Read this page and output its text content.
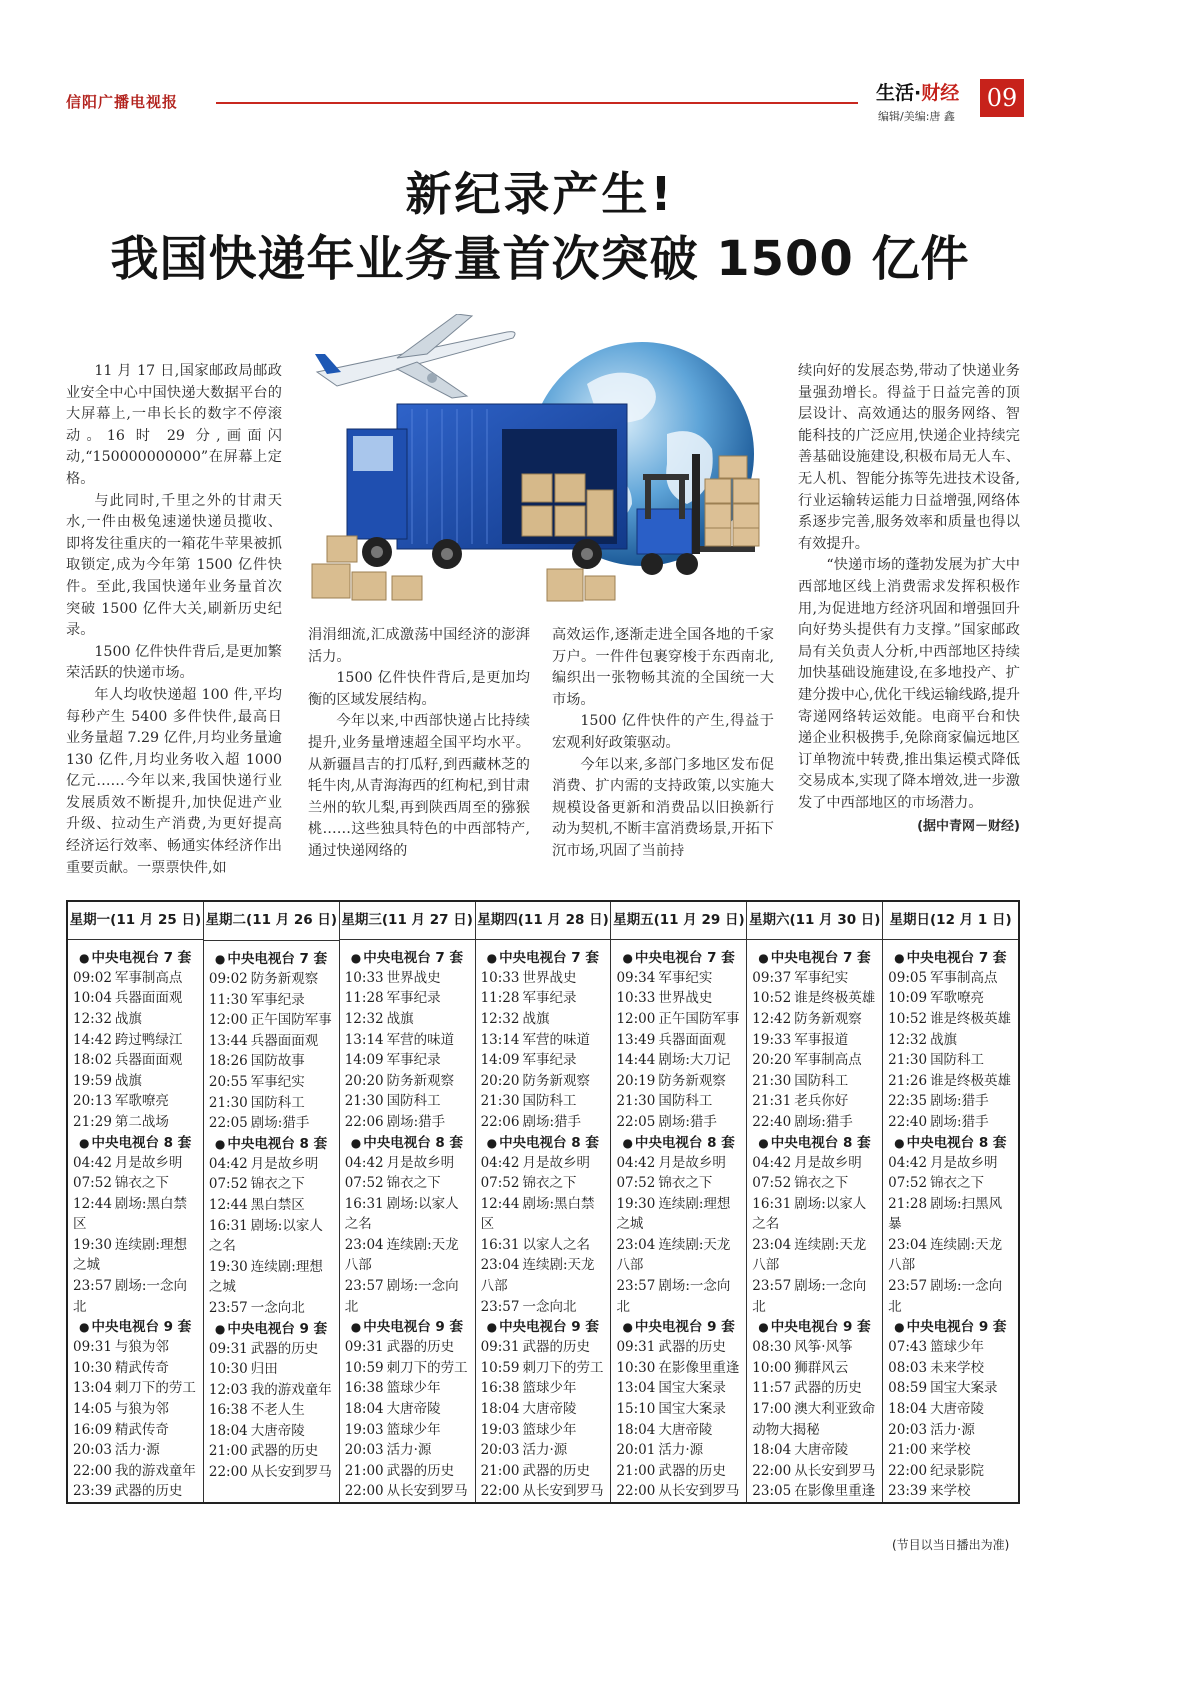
信阳广播电视报	生活·财经
编辑/美编:唐 鑫
09
新纪录产生!
我国快递年业务量首次突破 1500 亿件

11 月 17 日,国家邮政局邮政业安全中心中国快递大数据平台的大屏幕上,一串长长的数字不停滚动。16 时 29 分,画面闪动,“150000000000”在屏幕上定格。

与此同时,千里之外的甘肃天水,一件由极兔速递快递员揽收、即将发往重庆的一箱花牛苹果被抓取锁定,成为今年第 1500 亿件快件。至此,我国快递年业务量首次突破 1500 亿件大关,刷新历史纪录。

1500 亿件快件背后,是更加繁荣活跃的快递市场。

年人均收快递超 100 件,平均每秒产生 5400 多件快件,最高日业务量超 7.29 亿件,月均业务量逾 130 亿件,月均业务收入超 1000 亿元……今年以来,我国快递行业发展质效不断提升,加快促进产业升级、拉动生产消费,为更好提高经济运行效率、畅通实体经济作出重要贡献。一票票快件,如

涓涓细流,汇成激荡中国经济的澎湃活力。

1500 亿件快件背后,是更加均衡的区域发展结构。

今年以来,中西部快递占比持续提升,业务量增速超全国平均水平。从新疆昌吉的打瓜籽,到西藏林芝的牦牛肉,从青海海西的红枸杞,到甘肃兰州的软儿梨,再到陕西周至的猕猴桃……这些独具特色的中西部特产,通过快递网络的

高效运作,逐渐走进全国各地的千家万户。一件件包裹穿梭于东西南北,编织出一张物畅其流的全国统一大市场。

1500 亿件快件的产生,得益于宏观利好政策驱动。

今年以来,多部门多地区发布促消费、扩内需的支持政策,以实施大规模设备更新和消费品以旧换新行动为契机,不断丰富消费场景,开拓下沉市场,巩固了当前持

续向好的发展态势,带动了快递业务量强劲增长。得益于日益完善的顶层设计、高效通达的服务网络、智能科技的广泛应用,快递企业持续完善基础设施建设,积极布局无人车、无人机、智能分拣等先进技术设备,行业运输转运能力日益增强,网络体系逐步完善,服务效率和质量也得以有效提升。

“快递市场的蓬勃发展为扩大中西部地区线上消费需求发挥积极作用,为促进地方经济巩固和增强回升向好势头提供有力支撑。”国家邮政局有关负责人分析,中西部地区持续加快基础设施建设,在多地投产、扩建分拨中心,优化干线运输线路,提升寄递网络转运效能。电商平台和快递企业积极携手,免除商家偏远地区订单物流中转费,推出集运模式降低交易成本,实现了降本增效,进一步激发了中西部地区的市场潜力。

(据中青网－财经)

星期一(11 月 25 日)
● 中央电视台 7 套
09:02 军事制高点
10:04 兵器面面观
12:32 战旗
14:42 跨过鸭绿江
18:02 兵器面面观
19:59 战旗
20:13 军歌嘹亮
21:29 第二战场
● 中央电视台 8 套
04:42 月是故乡明
07:52 锦衣之下
12:44 剧场:黑白禁区
19:30 连续剧:理想之城
23:57 剧场:一念向北
● 中央电视台 9 套
09:31 与狼为邻
10:30 精武传奇
13:04 刺刀下的劳工
14:05 与狼为邻
16:09 精武传奇
20:03 活力·源
22:00 我的游戏童年
23:39 武器的历史
星期二(11 月 26 日)
● 中央电视台 7 套
09:02 防务新观察
11:30 军事纪录
12:00 正午国防军事
13:44 兵器面面观
18:26 国防故事
20:55 军事纪实
21:30 国防科工
22:05 剧场:猎手
● 中央电视台 8 套
04:42 月是故乡明
07:52 锦衣之下
12:44 黑白禁区
16:31 剧场:以家人之名
19:30 连续剧:理想之城
23:57 一念向北
● 中央电视台 9 套
09:31 武器的历史
10:30 归田
12:03 我的游戏童年
16:38 不老人生
18:04 大唐帝陵
21:00 武器的历史
22:00 从长安到罗马
星期三(11 月 27 日)
● 中央电视台 7 套
10:33 世界战史
11:28 军事纪录
12:32 战旗
13:14 军营的味道
14:09 军事纪录
20:20 防务新观察
21:30 国防科工
22:06 剧场:猎手
● 中央电视台 8 套
04:42 月是故乡明
07:52 锦衣之下
16:31 剧场:以家人之名
23:04 连续剧:天龙八部
23:57 剧场:一念向北
● 中央电视台 9 套
09:31 武器的历史
10:59 刺刀下的劳工
16:38 篮球少年
18:04 大唐帝陵
19:03 篮球少年
20:03 活力·源
21:00 武器的历史
22:00 从长安到罗马
星期四(11 月 28 日)
● 中央电视台 7 套
10:33 世界战史
11:28 军事纪录
12:32 战旗
13:14 军营的味道
14:09 军事纪录
20:20 防务新观察
21:30 国防科工
22:06 剧场:猎手
● 中央电视台 8 套
04:42 月是故乡明
07:52 锦衣之下
12:44 剧场:黑白禁区
16:31 以家人之名
23:04 连续剧:天龙八部
23:57 一念向北
● 中央电视台 9 套
09:31 武器的历史
10:59 刺刀下的劳工
16:38 篮球少年
18:04 大唐帝陵
19:03 篮球少年
20:03 活力·源
21:00 武器的历史
22:00 从长安到罗马
星期五(11 月 29 日)
● 中央电视台 7 套
09:34 军事纪实
10:33 世界战史
12:00 正午国防军事
13:49 兵器面面观
14:44 剧场:大刀记
20:19 防务新观察
21:30 国防科工
22:05 剧场:猎手
● 中央电视台 8 套
04:42 月是故乡明
07:52 锦衣之下
19:30 连续剧:理想之城
23:04 连续剧:天龙八部
23:57 剧场:一念向北
● 中央电视台 9 套
09:31 武器的历史
10:30 在影像里重逢
13:04 国宝大案录
15:10 国宝大案录
18:04 大唐帝陵
20:01 活力·源
21:00 武器的历史
22:00 从长安到罗马
星期六(11 月 30 日)
● 中央电视台 7 套
09:37 军事纪实
10:52 谁是终极英雄
12:42 防务新观察
19:33 军事报道
20:20 军事制高点
21:30 国防科工
21:31 老兵你好
22:40 剧场:猎手
● 中央电视台 8 套
04:42 月是故乡明
07:52 锦衣之下
16:31 剧场:以家人之名
23:04 连续剧:天龙八部
23:57 剧场:一念向北
● 中央电视台 9 套
08:30 风筝·风筝
10:00 狮群风云
11:57 武器的历史
17:00 澳大利亚致命动物大揭秘
18:04 大唐帝陵
22:00 从长安到罗马
23:05 在影像里重逢
星期日(12 月 1 日)
● 中央电视台 7 套
09:05 军事制高点
10:09 军歌嘹亮
10:52 谁是终极英雄
12:32 战旗
21:30 国防科工
21:26 谁是终极英雄
22:35 剧场:猎手
22:40 剧场:猎手
● 中央电视台 8 套
04:42 月是故乡明
07:52 锦衣之下
21:28 剧场:扫黑风暴
23:04 连续剧:天龙八部
23:57 剧场:一念向北
● 中央电视台 9 套
07:43 篮球少年
08:03 未来学校
08:59 国宝大案录
18:04 大唐帝陵
20:03 活力·源
21:00 来学校
22:00 纪录影院
23:39 来学校
(节目以当日播出为准)
